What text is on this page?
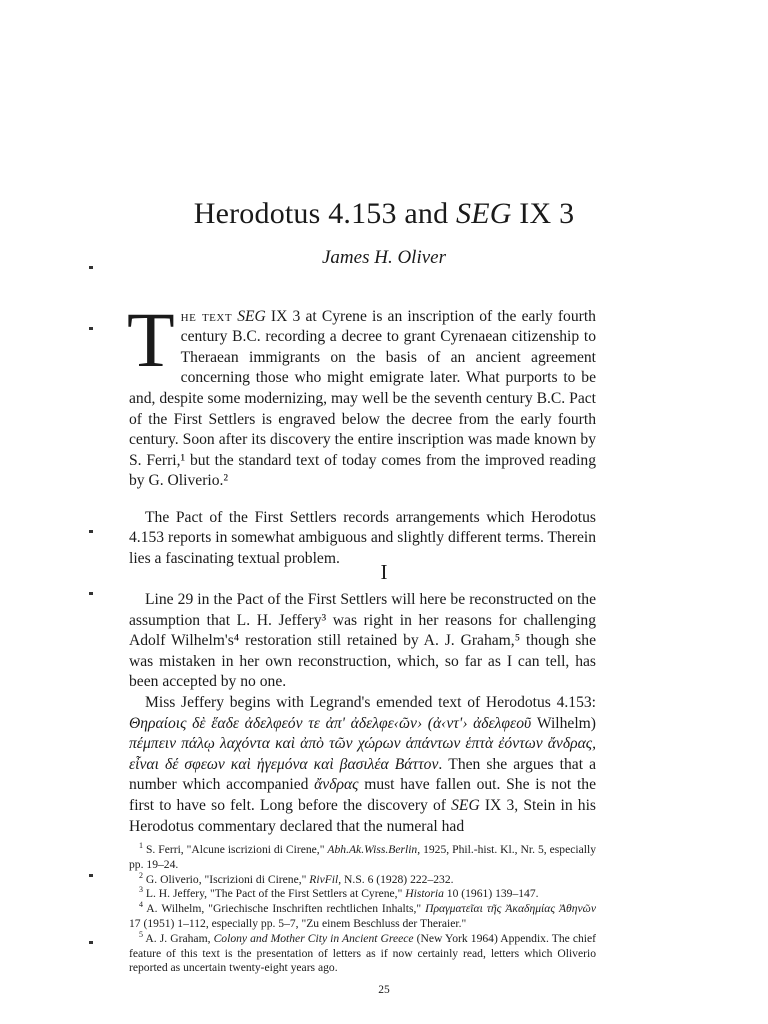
Herodotus 4.153 and SEG IX 3
James H. Oliver

The text SEG IX 3 at Cyrene is an inscription of the early fourth century B.C. recording a decree to grant Cyrenaean citizenship to Theraean immigrants on the basis of an ancient agreement concerning those who might emigrate later. What purports to be and, despite some modernizing, may well be the seventh century B.C. Pact of the First Settlers is engraved below the decree from the early fourth century. Soon after its discovery the entire inscription was made known by S. Ferri,¹ but the standard text of today comes from the improved reading by G. Oliverio.²

The Pact of the First Settlers records arrangements which Herodotus 4.153 reports in somewhat ambiguous and slightly different terms. Therein lies a fascinating textual problem.

I

Line 29 in the Pact of the First Settlers will here be reconstructed on the assumption that L. H. Jeffery³ was right in her reasons for challenging Adolf Wilhelm's⁴ restoration still retained by A. J. Graham,⁵ though she was mistaken in her own reconstruction, which, so far as I can tell, has been accepted by no one.

Miss Jeffery begins with Legrand's emended text of Herodotus 4.153: Θηραίοις δὲ ἕαδε ἀδελφεόν τε ἀπ' ἀδελφε‹ῶν› (ἀ‹ντ'› ἀδελφεοῦ Wilhelm) πέμπειν πάλῳ λαχόντα καὶ ἀπὸ τῶν χώρων ἁπάντων ἑπτὰ ἐόντων ἄνδρας, εἶναι δέ σφεων καὶ ἡγεμόνα καὶ βασιλέα Βάττον. Then she argues that a number which accompanied ἄνδρας must have fallen out. She is not the first to have so felt. Long before the discovery of SEG IX 3, Stein in his Herodotus commentary declared that the numeral had

$^1$ S. Ferri, "Alcune iscrizioni di Cirene," Abh.Ak.Wiss.Berlin, 1925, Phil.-hist. Kl., Nr. 5, especially pp. 19–24.

$^2$ G. Oliverio, "Iscrizioni di Cirene," RivFil, N.S. 6 (1928) 222–232.

$^3$ L. H. Jeffery, "The Pact of the First Settlers at Cyrene," Historia 10 (1961) 139–147.

$^4$ A. Wilhelm, "Griechische Inschriften rechtlichen Inhalts," Πραγματεῖαι τῆς Ἀκαδημίας Ἀθηνῶν 17 (1951) 1–112, especially pp. 5–7, "Zu einem Beschluss der Theraier."

$^5$ A. J. Graham, Colony and Mother City in Ancient Greece (New York 1964) Appendix. The chief feature of this text is the presentation of letters as if now certainly read, letters which Oliverio reported as uncertain twenty-eight years ago.

25
